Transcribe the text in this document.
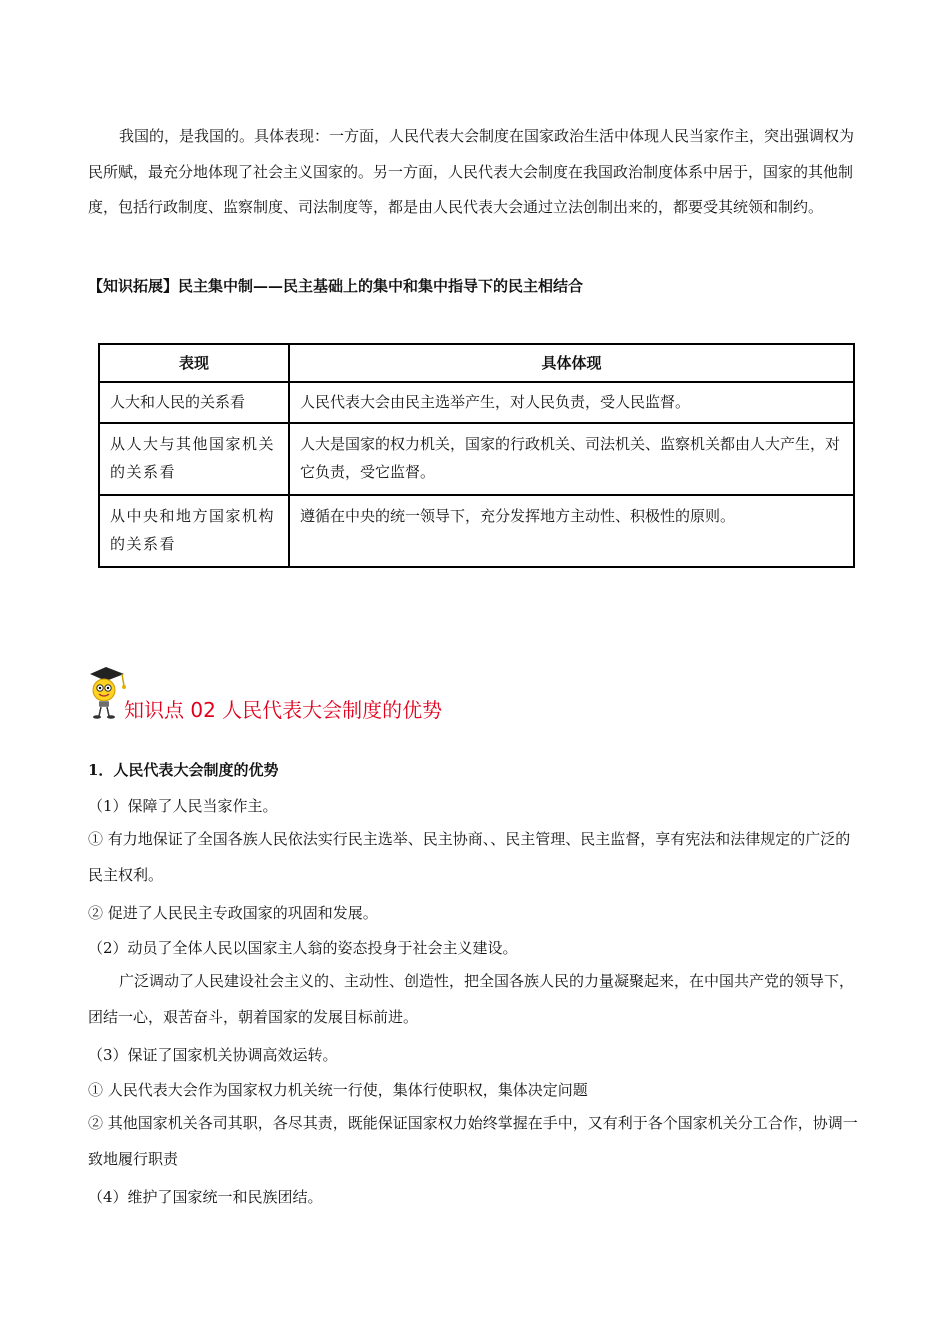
我国的，是我国的。具体表现：一方面，人民代表大会制度在国家政治生活中体现人民当家作主，突出强调权为民所赋，最充分地体现了社会主义国家的。另一方面，人民代表大会制度在我国政治制度体系中居于，国家的其他制度，包括行政制度、监察制度、司法制度等，都是由人民代表大会通过立法创制出来的，都要受其统领和制约。

【知识拓展】民主集中制——民主基础上的集中和集中指导下的民主相结合

表现	具体体现
人大和人民的关系看	人民代表大会由民主选举产生，对人民负责，受人民监督。
从人大与其他国家机关的关系看	人大是国家的权力机关，国家的行政机关、司法机关、监察机关都由人大产生，对它负责，受它监督。
从中央和地方国家机构的关系看	遵循在中央的统一领导下，充分发挥地方主动性、积极性的原则。
知识点 02 人民代表大会制度的优势

1．人民代表大会制度的优势

（1）保障了人民当家作主。

① 有力地保证了全国各族人民依法实行民主选举、民主协商、、民主管理、民主监督，享有宪法和法律规定的广泛的民主权利。

② 促进了人民民主专政国家的巩固和发展。

（2）动员了全体人民以国家主人翁的姿态投身于社会主义建设。

广泛调动了人民建设社会主义的、主动性、创造性，把全国各族人民的力量凝聚起来，在中国共产党的领导下，团结一心，艰苦奋斗，朝着国家的发展目标前进。

（3）保证了国家机关协调高效运转。

① 人民代表大会作为国家权力机关统一行使，集体行使职权，集体决定问题

② 其他国家机关各司其职，各尽其责，既能保证国家权力始终掌握在手中，又有利于各个国家机关分工合作，协调一致地履行职责

（4）维护了国家统一和民族团结。
